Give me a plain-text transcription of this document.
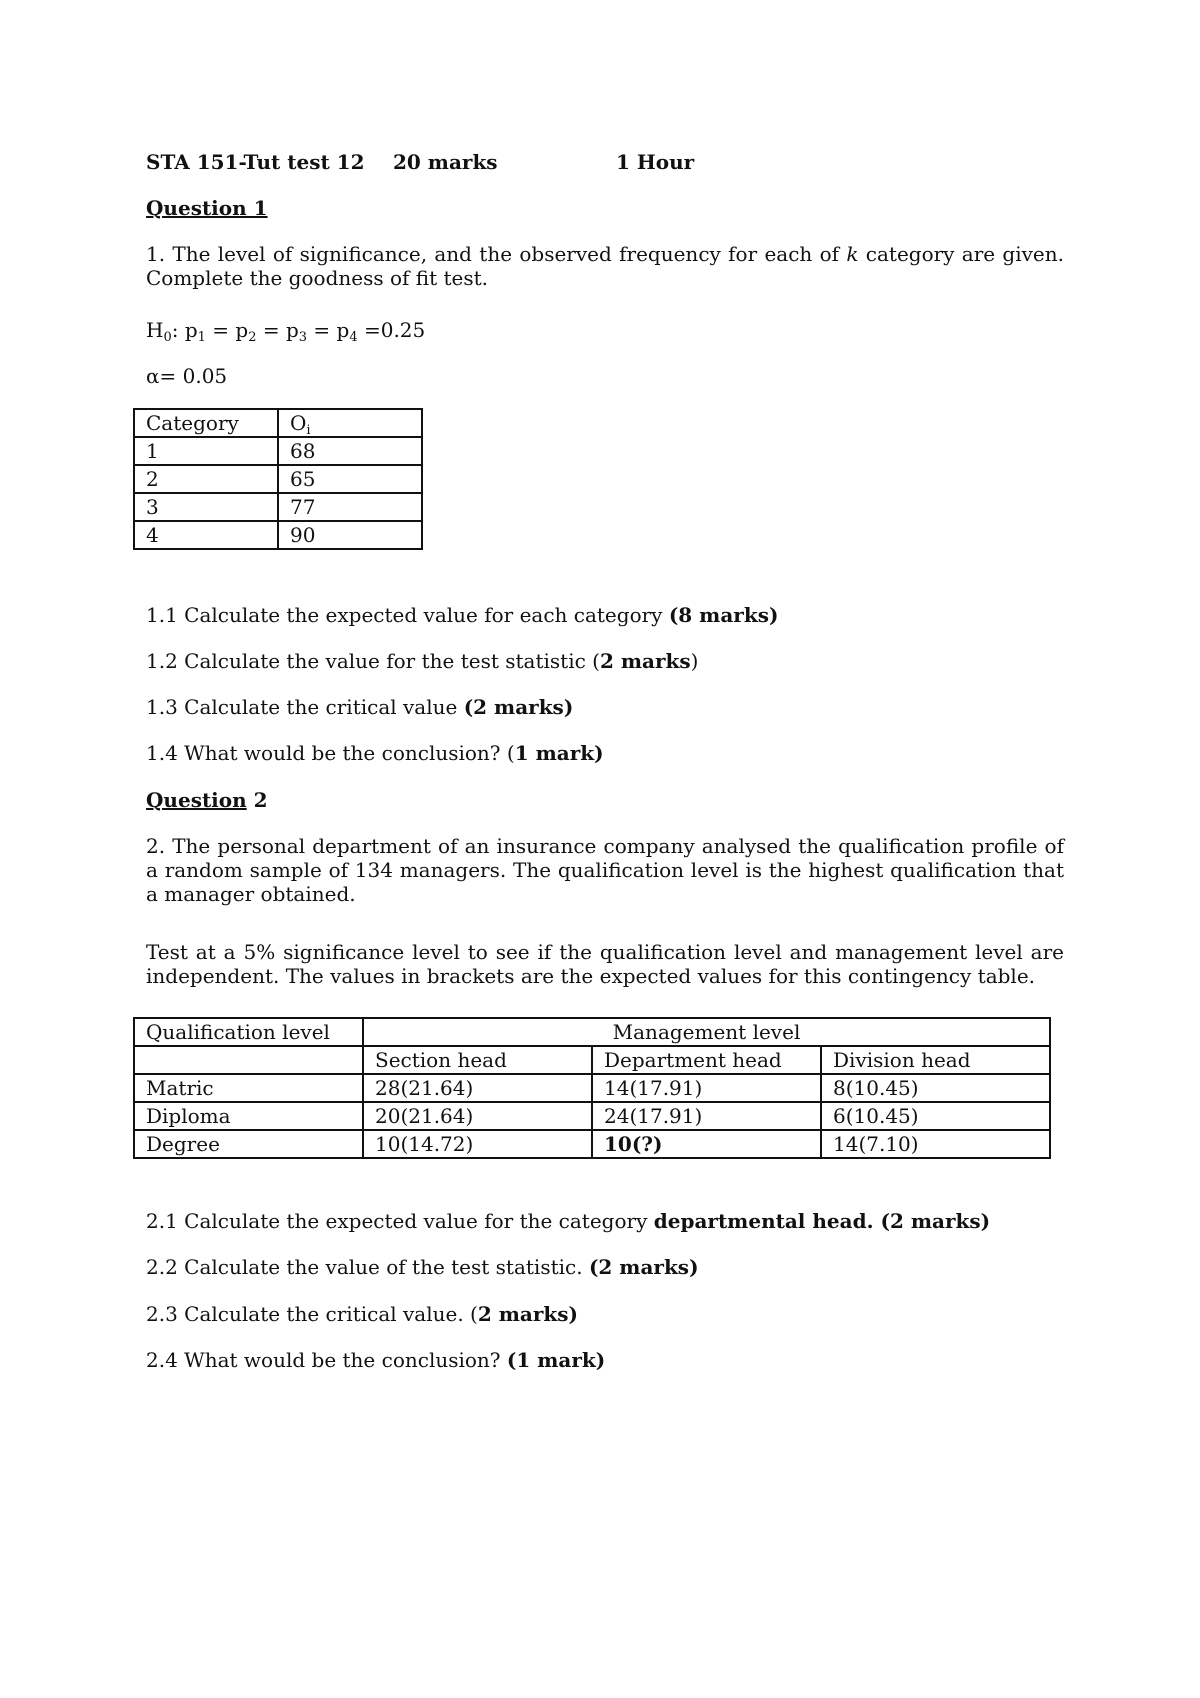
STA 151-Tut test 12 20 marks	1 Hour
Question 1
1. The level of significance, and the observed frequency for each of k category are given. Complete the goodness of fit test.
$H_0$: $p_1 = p_2 = p_3 = p_4 =0.25$
α= 0.05
Category	$O_i$
1	68
2	65
3	77
4	90
1.1 Calculate the expected value for each category (8 marks)
1.2 Calculate the value for the test statistic (2 marks)
1.3 Calculate the critical value (2 marks)
1.4 What would be the conclusion? (1 mark)
Question 2
2. The personal department of an insurance company analysed the qualification profile of a random sample of 134 managers. The qualification level is the highest qualification that a manager obtained.
Test at a 5% significance level to see if the qualification level and management level are independent. The values in brackets are the expected values for this contingency table.
Qualification level	Management level		
	Section head	Department head	Division head
Matric	28(21.64)	14(17.91)	8(10.45)
Diploma	20(21.64)	24(17.91)	6(10.45)
Degree	10(14.72)	10(?)	14(7.10)
2.1 Calculate the expected value for the category departmental head. (2 marks)
2.2 Calculate the value of the test statistic. (2 marks)
2.3 Calculate the critical value. (2 marks)
2.4 What would be the conclusion? (1 mark)
